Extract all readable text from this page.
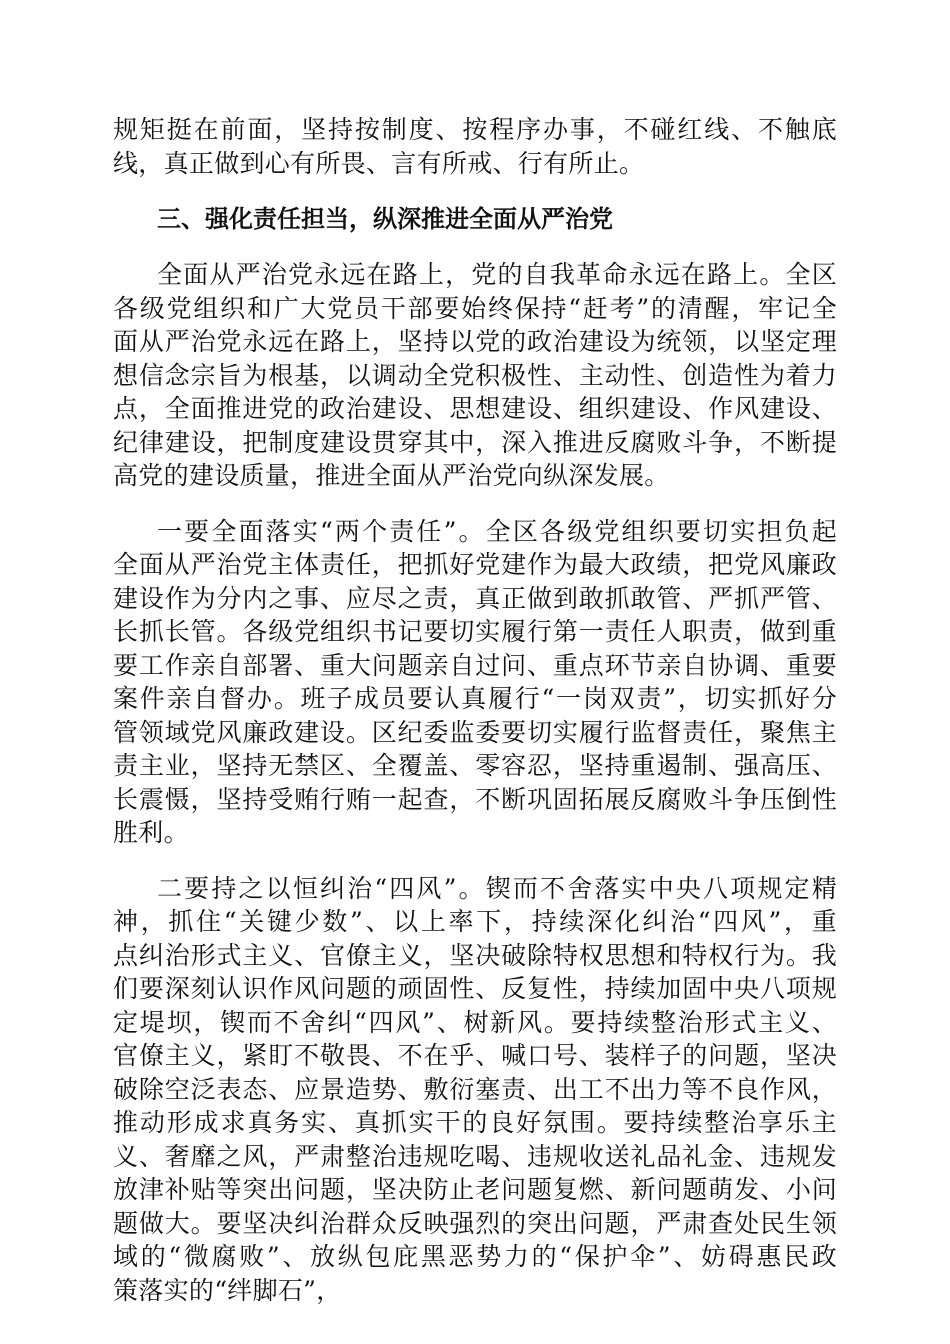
规矩挺在前面，坚持按制度、按程序办事，不碰红线、不触底
线，真正做到心有所畏、言有所戒、行有所止。
三、强化责任担当，纵深推进全面从严治党
全面从严治党永远在路上，党的自我革命永远在路上。全区
各级党组织和广大党员干部要始终保持“赶考”的清醒，牢记全
面从严治党永远在路上，坚持以党的政治建设为统领，以坚定理
想信念宗旨为根基，以调动全党积极性、主动性、创造性为着力
点，全面推进党的政治建设、思想建设、组织建设、作风建设、
纪律建设，把制度建设贯穿其中，深入推进反腐败斗争，不断提
高党的建设质量，推进全面从严治党向纵深发展。
一要全面落实“两个责任”。全区各级党组织要切实担负起
全面从严治党主体责任，把抓好党建作为最大政绩，把党风廉政
建设作为分内之事、应尽之责，真正做到敢抓敢管、严抓严管、
长抓长管。各级党组织书记要切实履行第一责任人职责，做到重
要工作亲自部署、重大问题亲自过问、重点环节亲自协调、重要
案件亲自督办。班子成员要认真履行“一岗双责”，切实抓好分
管领域党风廉政建设。区纪委监委要切实履行监督责任，聚焦主
责主业，坚持无禁区、全覆盖、零容忍，坚持重遏制、强高压、
长震慑，坚持受贿行贿一起查，不断巩固拓展反腐败斗争压倒性
胜利。
二要持之以恒纠治“四风”。锲而不舍落实中央八项规定精
神，抓住“关键少数”、以上率下，持续深化纠治“四风”，重
点纠治形式主义、官僚主义，坚决破除特权思想和特权行为。我
们要深刻认识作风问题的顽固性、反复性，持续加固中央八项规
定堤坝，锲而不舍纠“四风”、树新风。要持续整治形式主义、
官僚主义，紧盯不敬畏、不在乎、喊口号、装样子的问题，坚决
破除空泛表态、应景造势、敷衍塞责、出工不出力等不良作风，
推动形成求真务实、真抓实干的良好氛围。要持续整治享乐主
义、奢靡之风，严肃整治违规吃喝、违规收送礼品礼金、违规发
放津补贴等突出问题，坚决防止老问题复燃、新问题萌发、小问
题做大。要坚决纠治群众反映强烈的突出问题，严肃查处民生领
域的“微腐败”、放纵包庇黑恶势力的“保护伞”、妨碍惠民政
策落实的“绊脚石”，
